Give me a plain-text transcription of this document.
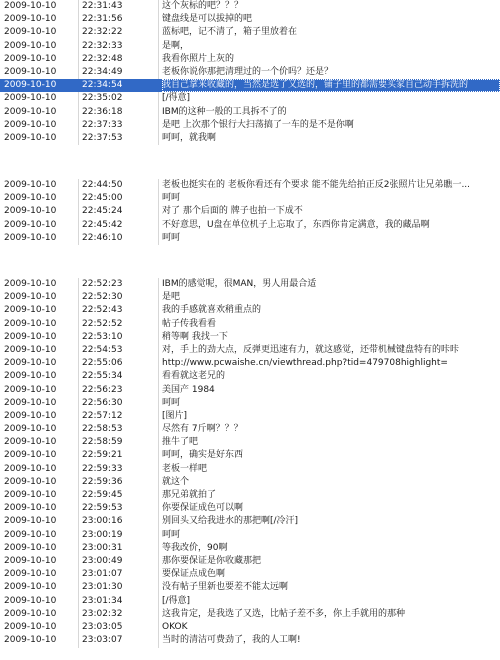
2009-10-10	22:31:43	这个灰标的吧？？？
2009-10-10	22:31:56	键盘线是可以拔掉的吧
2009-10-10	22:32:22	蓝标吧，记不清了，箱子里放着在
2009-10-10	22:32:33	是啊，
2009-10-10	22:32:48	我看你照片上灰的
2009-10-10	22:34:49	老板你说你那把清理过的一个价吗？还是？
2009-10-10	22:34:54	我自己拿来收藏的，当然是选了又选的，铺子里的都需要买家自己动手拆洗的
2009-10-10	22:35:02	[/得意]
2009-10-10	22:36:18	IBM的这种一般的工具拆不了的
2009-10-10	22:37:33	是吧 上次那个银行大扫荡搞了一车的是不是你啊
2009-10-10	22:37:53	呵呵，就我啊
2009-10-10	22:44:50	老板也挺实在的 老板你看还有个要求 能不能先给拍正反2张照片让兄弟瞧一...
2009-10-10	22:45:00	呵呵
2009-10-10	22:45:24	对了 那个后面的 牌子也拍一下成不
2009-10-10	22:45:42	不好意思，U盘在单位机子上忘取了，东西你肯定满意，我的藏品啊
2009-10-10	22:46:10	呵呵
2009-10-10	22:52:23	IBM的感觉呢，很MAN，男人用最合适
2009-10-10	22:52:30	是吧
2009-10-10	22:52:43	我的手感就喜欢稍重点的
2009-10-10	22:52:52	帖子传我看看
2009-10-10	22:53:10	稍等啊 我找一下
2009-10-10	22:54:53	对，手上的劲大点，反弹更迅速有力，就这感觉，还带机械键盘特有的咔咔
2009-10-10	22:55:06	http://www.pcwaishe.cn/viewthread.php?tid=479708highlight=
2009-10-10	22:55:34	看看就这老兄的
2009-10-10	22:56:23	美国产 1984
2009-10-10	22:56:30	呵呵
2009-10-10	22:57:12	[图片]
2009-10-10	22:58:53	尽然有 7斤啊？？？
2009-10-10	22:58:59	推牛了吧
2009-10-10	22:59:21	呵呵，确实是好东西
2009-10-10	22:59:33	老板一样吧
2009-10-10	22:59:36	就这个
2009-10-10	22:59:45	那兄弟就拍了
2009-10-10	22:59:53	你要保证成色可以啊
2009-10-10	23:00:16	别回头又给我进水的那把啊[/冷汗]
2009-10-10	23:00:19	呵呵
2009-10-10	23:00:31	等我改价，90啊
2009-10-10	23:00:49	那你要保证是你收藏那把
2009-10-10	23:01:07	要保证点成色啊
2009-10-10	23:01:30	没有帖子里新也要差不能太远啊
2009-10-10	23:01:34	[/得意]
2009-10-10	23:02:32	这我肯定，是我选了又选，比帖子差不多，你上手就用的那种
2009-10-10	23:03:05	OKOK
2009-10-10	23:03:07	当时的清洁可费劲了，我的人工啊!
